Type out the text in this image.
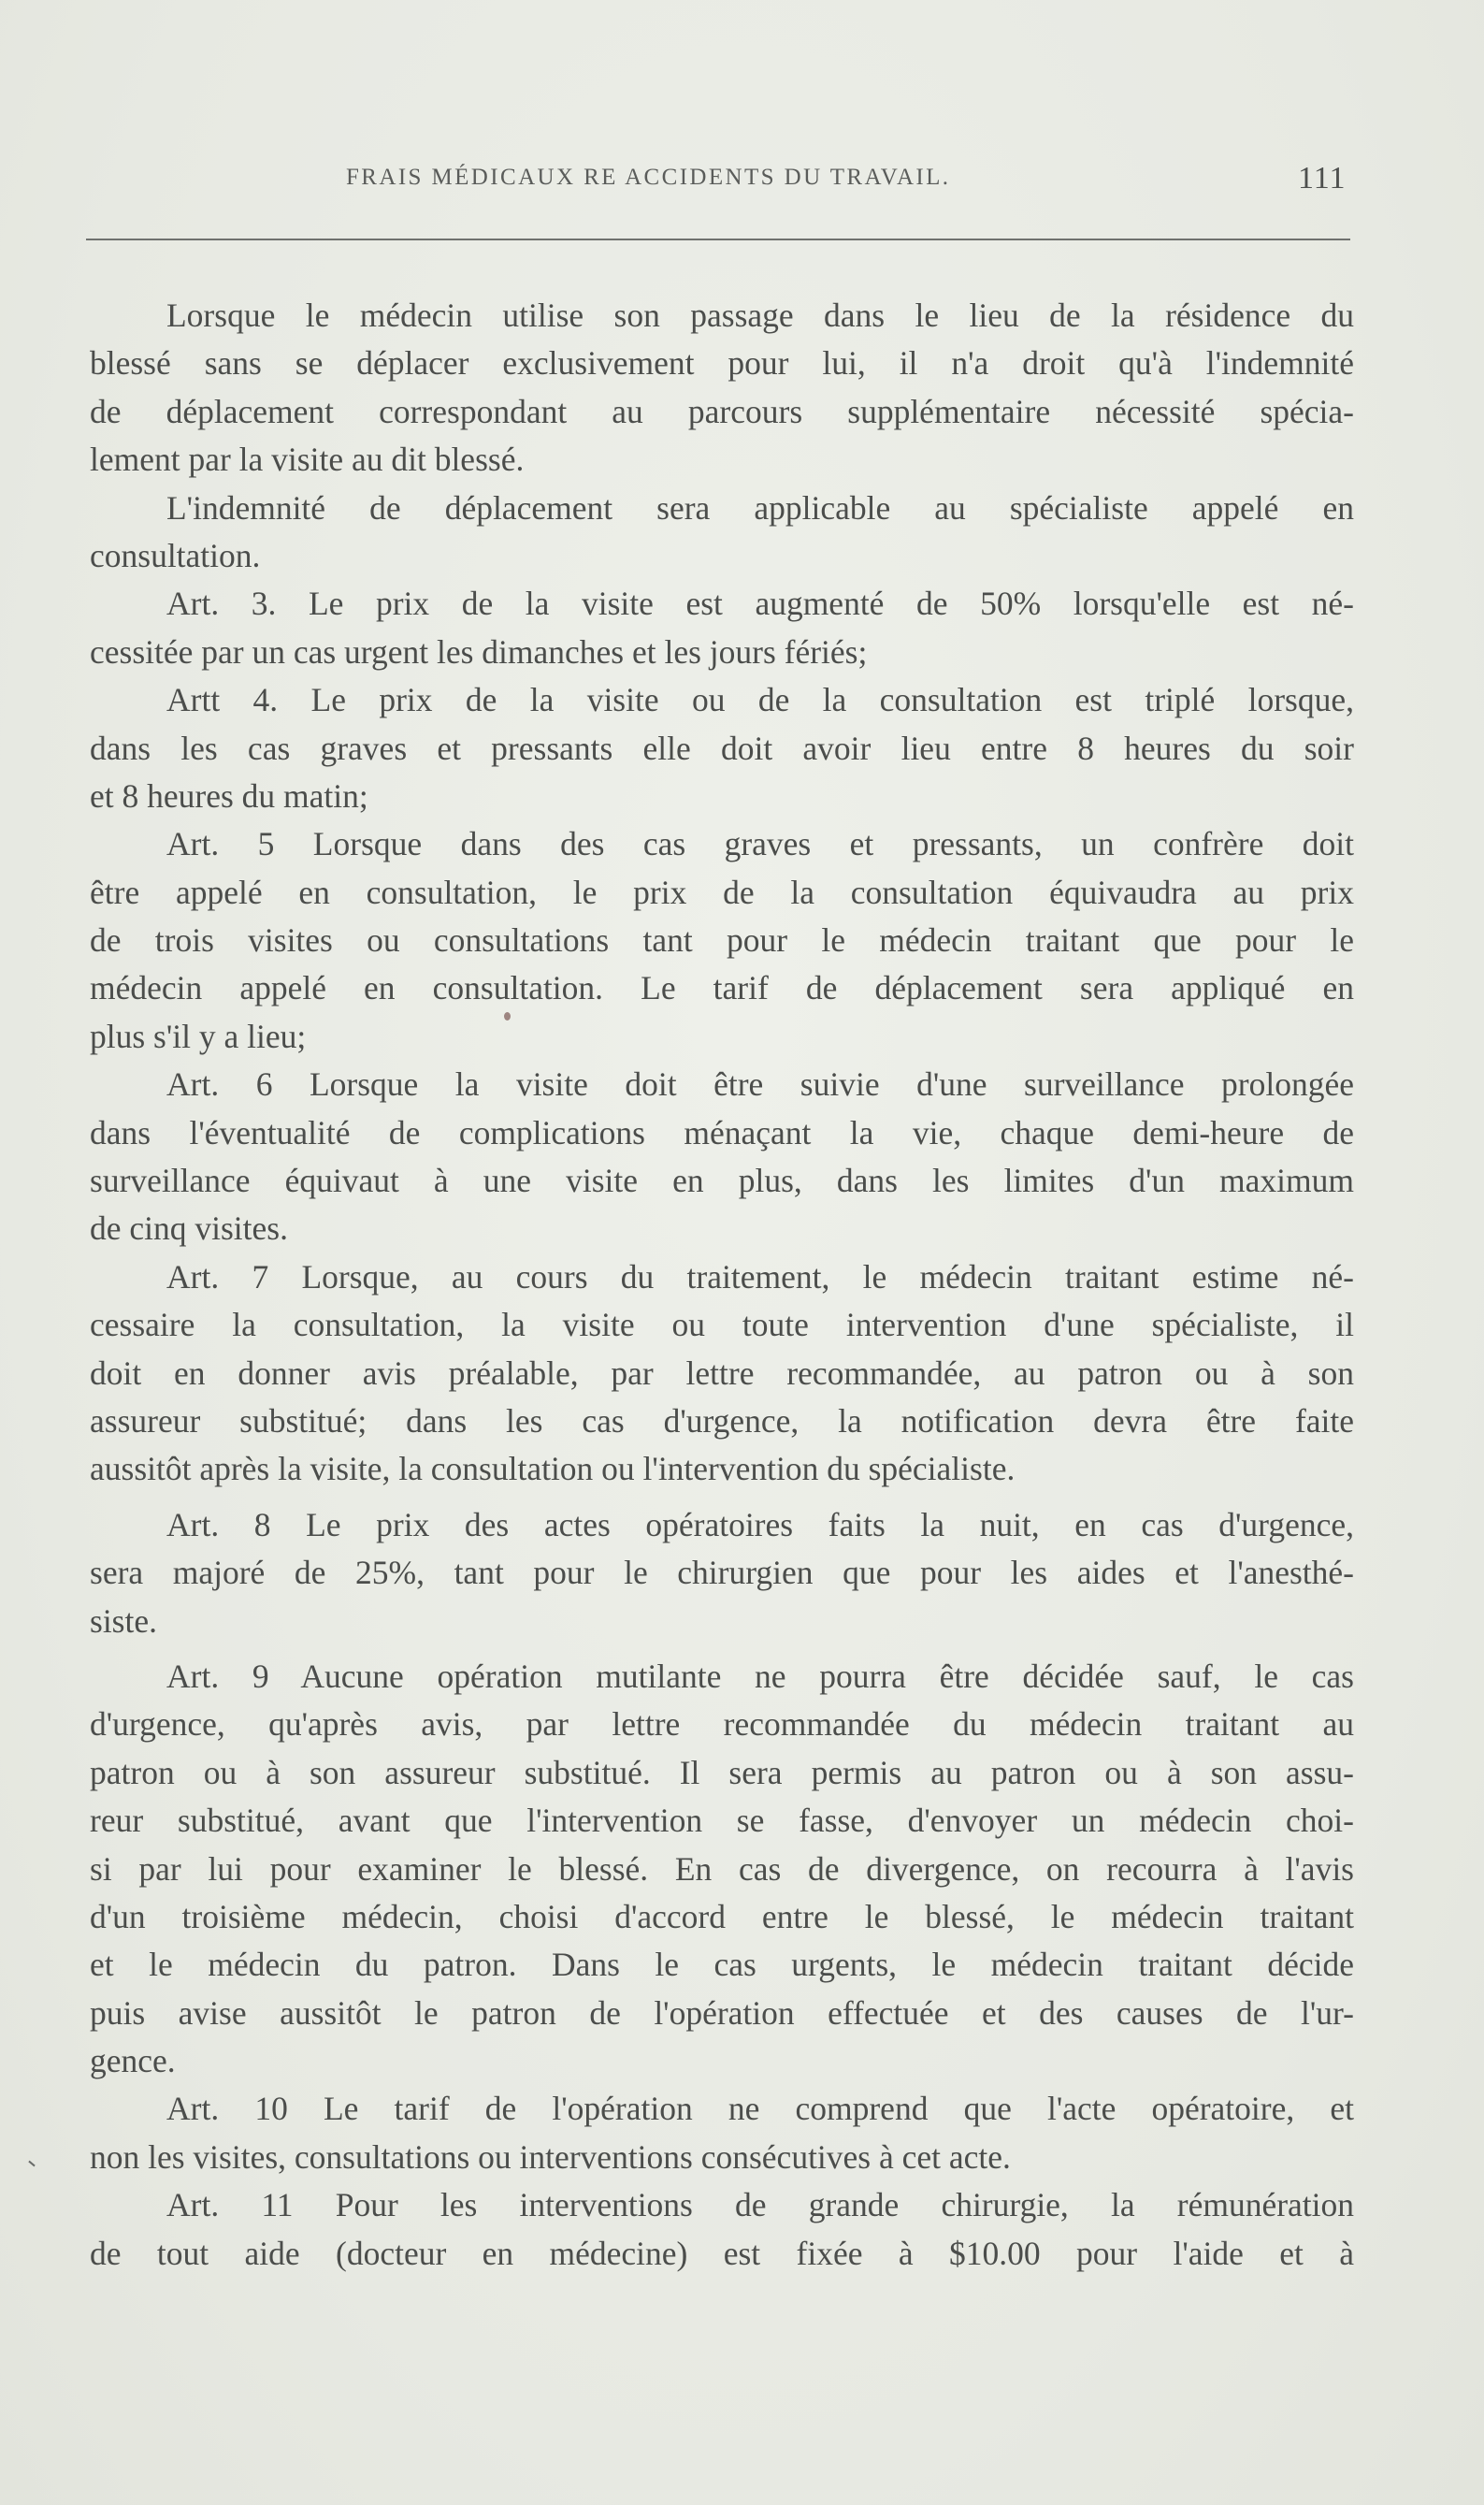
FRAIS MÉDICAUX RE ACCIDENTS DU TRAVAIL.	111
Lorsque le médecin utilise son passage dans le lieu de la résidence du
blessé sans se déplacer exclusivement pour lui, il n'a droit qu'à l'indemnité
de déplacement correspondant au parcours supplémentaire nécessité spécia-
lement par la visite au dit blessé.
L'indemnité de déplacement sera applicable au spécialiste appelé en
consultation.
Art. 3. Le prix de la visite est augmenté de 50% lorsqu'elle est né-
cessitée par un cas urgent les dimanches et les jours fériés;
Artt 4. Le prix de la visite ou de la consultation est triplé lorsque,
dans les cas graves et pressants elle doit avoir lieu entre 8 heures du soir
et 8 heures du matin;
Art. 5 Lorsque dans des cas graves et pressants, un confrère doit
être appelé en consultation, le prix de la consultation équivaudra au prix
de trois visites ou consultations tant pour le médecin traitant que pour le
médecin appelé en consultation. Le tarif de déplacement sera appliqué en
plus s'il y a lieu;
Art. 6 Lorsque la visite doit être suivie d'une surveillance prolongée
dans l'éventualité de complications ménaçant la vie, chaque demi-heure de
surveillance équivaut à une visite en plus, dans les limites d'un maximum
de cinq visites.
Art. 7 Lorsque, au cours du traitement, le médecin traitant estime né-
cessaire la consultation, la visite ou toute intervention d'une spécialiste, il
doit en donner avis préalable, par lettre recommandée, au patron ou à son
assureur substitué; dans les cas d'urgence, la notification devra être faite
aussitôt après la visite, la consultation ou l'intervention du spécialiste.
Art. 8 Le prix des actes opératoires faits la nuit, en cas d'urgence,
sera majoré de 25%, tant pour le chirurgien que pour les aides et l'anesthé-
siste.
Art. 9 Aucune opération mutilante ne pourra être décidée sauf, le cas
d'urgence, qu'après avis, par lettre recommandée du médecin traitant au
patron ou à son assureur substitué. Il sera permis au patron ou à son assu-
reur substitué, avant que l'intervention se fasse, d'envoyer un médecin choi-
si par lui pour examiner le blessé. En cas de divergence, on recourra à l'avis
d'un troisième médecin, choisi d'accord entre le blessé, le médecin traitant
et le médecin du patron. Dans le cas urgents, le médecin traitant décide
puis avise aussitôt le patron de l'opération effectuée et des causes de l'ur-
gence.
Art. 10 Le tarif de l'opération ne comprend que l'acte opératoire, et
non les visites, consultations ou interventions consécutives à cet acte.
Art. 11 Pour les interventions de grande chirurgie, la rémunération
de tout aide (docteur en médecine) est fixée à $10.00 pour l'aide et à
